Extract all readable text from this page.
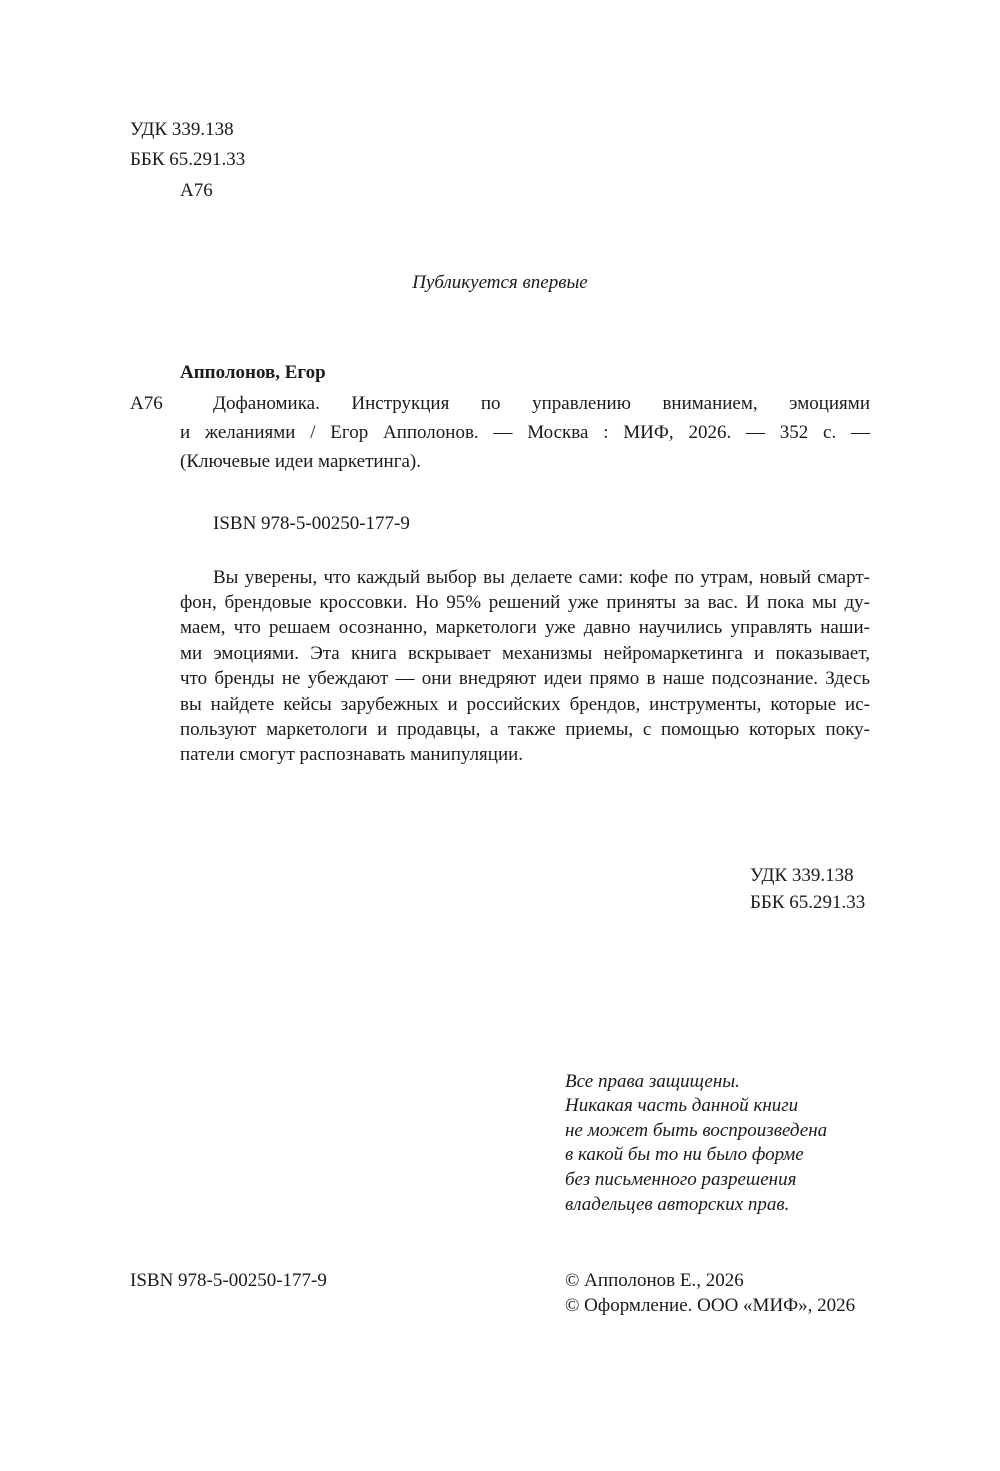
УДК 339.138
ББК 65.291.33
А76
Публикуется впервые
Апполонов, Егор
А76	Дофаномика. Инструкция по управлению вниманием, эмоциями
и желаниями / Егор Апполонов. — Москва : МИФ, 2026. — 352 с. —
(Ключевые идеи маркетинга).
ISBN 978-5-00250-177-9
Вы уверены, что каждый выбор вы делаете сами: кофе по утрам, новый смарт-
фон, брендовые кроссовки. Но 95% решений уже приняты за вас. И пока мы ду-
маем, что решаем осознанно, маркетологи уже давно научились управлять наши-
ми эмоциями. Эта книга вскрывает механизмы нейромаркетинга и показывает,
что бренды не убеждают — они внедряют идеи прямо в наше подсознание. Здесь
вы найдете кейсы зарубежных и российских брендов, инструменты, которые ис-
пользуют маркетологи и продавцы, а также приемы, с помощью которых поку-
патели смогут распознавать манипуляции.
УДК 339.138
ББК 65.291.33
Все права защищены.
Никакая часть данной книги
не может быть воспроизведена
в какой бы то ни было форме
без письменного разрешения
владельцев авторских прав.
ISBN 978-5-00250-177-9	© Апполонов Е., 2026
© Оформление. ООО «МИФ», 2026
